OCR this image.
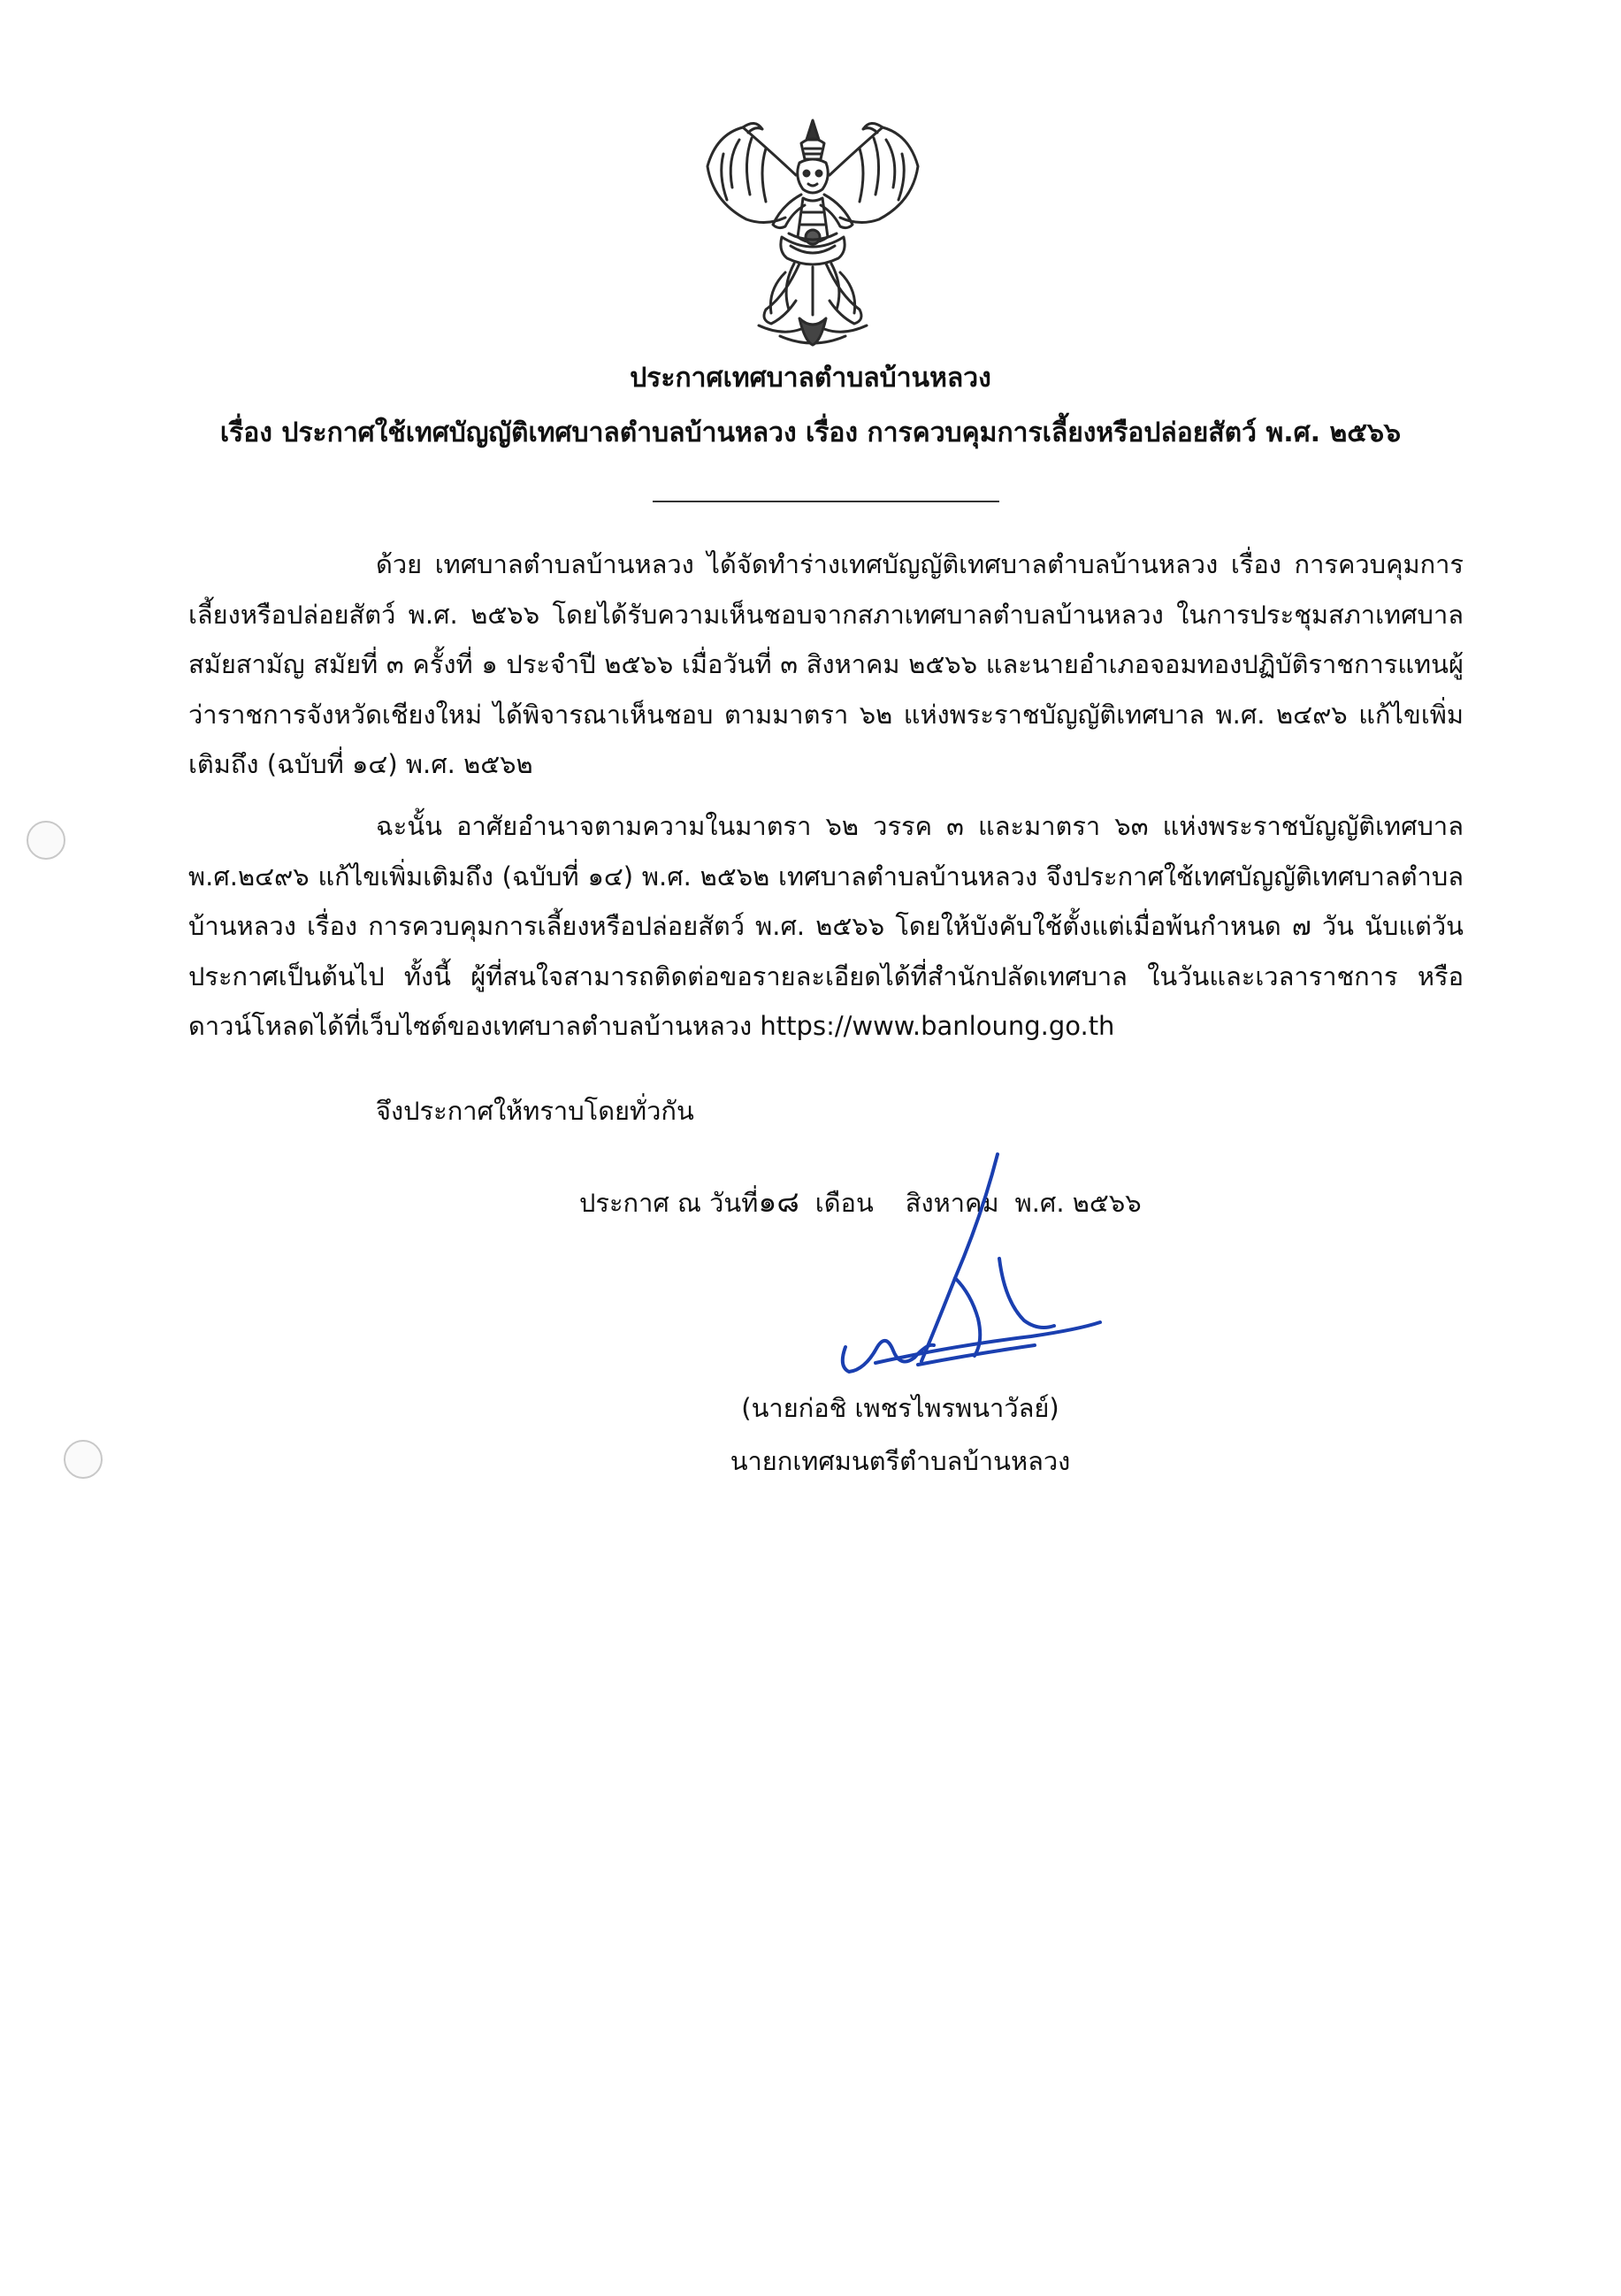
ประกาศเทศบาลตำบลบ้านหลวง
เรื่อง ประกาศใช้เทศบัญญัติเทศบาลตำบลบ้านหลวง เรื่อง การควบคุมการเลี้ยงหรือปล่อยสัตว์ พ.ศ. ๒๕๖๖

ด้วย เทศบาลตำบลบ้านหลวง ได้จัดทำร่างเทศบัญญัติเทศบาลตำบลบ้านหลวง เรื่อง การควบคุมการเลี้ยงหรือปล่อยสัตว์ พ.ศ. ๒๕๖๖ โดยได้รับความเห็นชอบจากสภาเทศบาลตำบลบ้านหลวง ในการประชุมสภาเทศบาล สมัยสามัญ สมัยที่ ๓ ครั้งที่ ๑ ประจำปี ๒๕๖๖ เมื่อวันที่ ๓ สิงหาคม ๒๕๖๖ และนายอำเภอจอมทองปฏิบัติราชการแทนผู้ว่าราชการจังหวัดเชียงใหม่ ได้พิจารณาเห็นชอบ ตามมาตรา ๖๒ แห่งพระราชบัญญัติเทศบาล พ.ศ. ๒๔๙๖ แก้ไขเพิ่มเติมถึง (ฉบับที่ ๑๔) พ.ศ. ๒๕๖๒

ฉะนั้น อาศัยอำนาจตามความในมาตรา ๖๒ วรรค ๓ และมาตรา ๖๓ แห่งพระราชบัญญัติเทศบาล พ.ศ.๒๔๙๖ แก้ไขเพิ่มเติมถึง (ฉบับที่ ๑๔) พ.ศ. ๒๕๖๒ เทศบาลตำบลบ้านหลวง จึงประกาศใช้เทศบัญญัติเทศบาลตำบลบ้านหลวง เรื่อง การควบคุมการเลี้ยงหรือปล่อยสัตว์ พ.ศ. ๒๕๖๖ โดยให้บังคับใช้ตั้งแต่เมื่อพ้นกำหนด ๗ วัน นับแต่วันประกาศเป็นต้นไป ทั้งนี้ ผู้ที่สนใจสามารถติดต่อขอรายละเอียดได้ที่สำนักปลัดเทศบาล ในวันและเวลาราชการ หรือดาวน์โหลดได้ที่เว็บไซต์ของเทศบาลตำบลบ้านหลวง https://www.banloung.go.th

จึงประกาศให้ทราบโดยทั่วกัน
ประกาศ ณ วันที่๑๘ เดือน สิงหาคม พ.ศ. ๒๕๖๖
(นายก่อชิ เพชรไพรพนาวัลย์)
นายกเทศมนตรีตำบลบ้านหลวง
